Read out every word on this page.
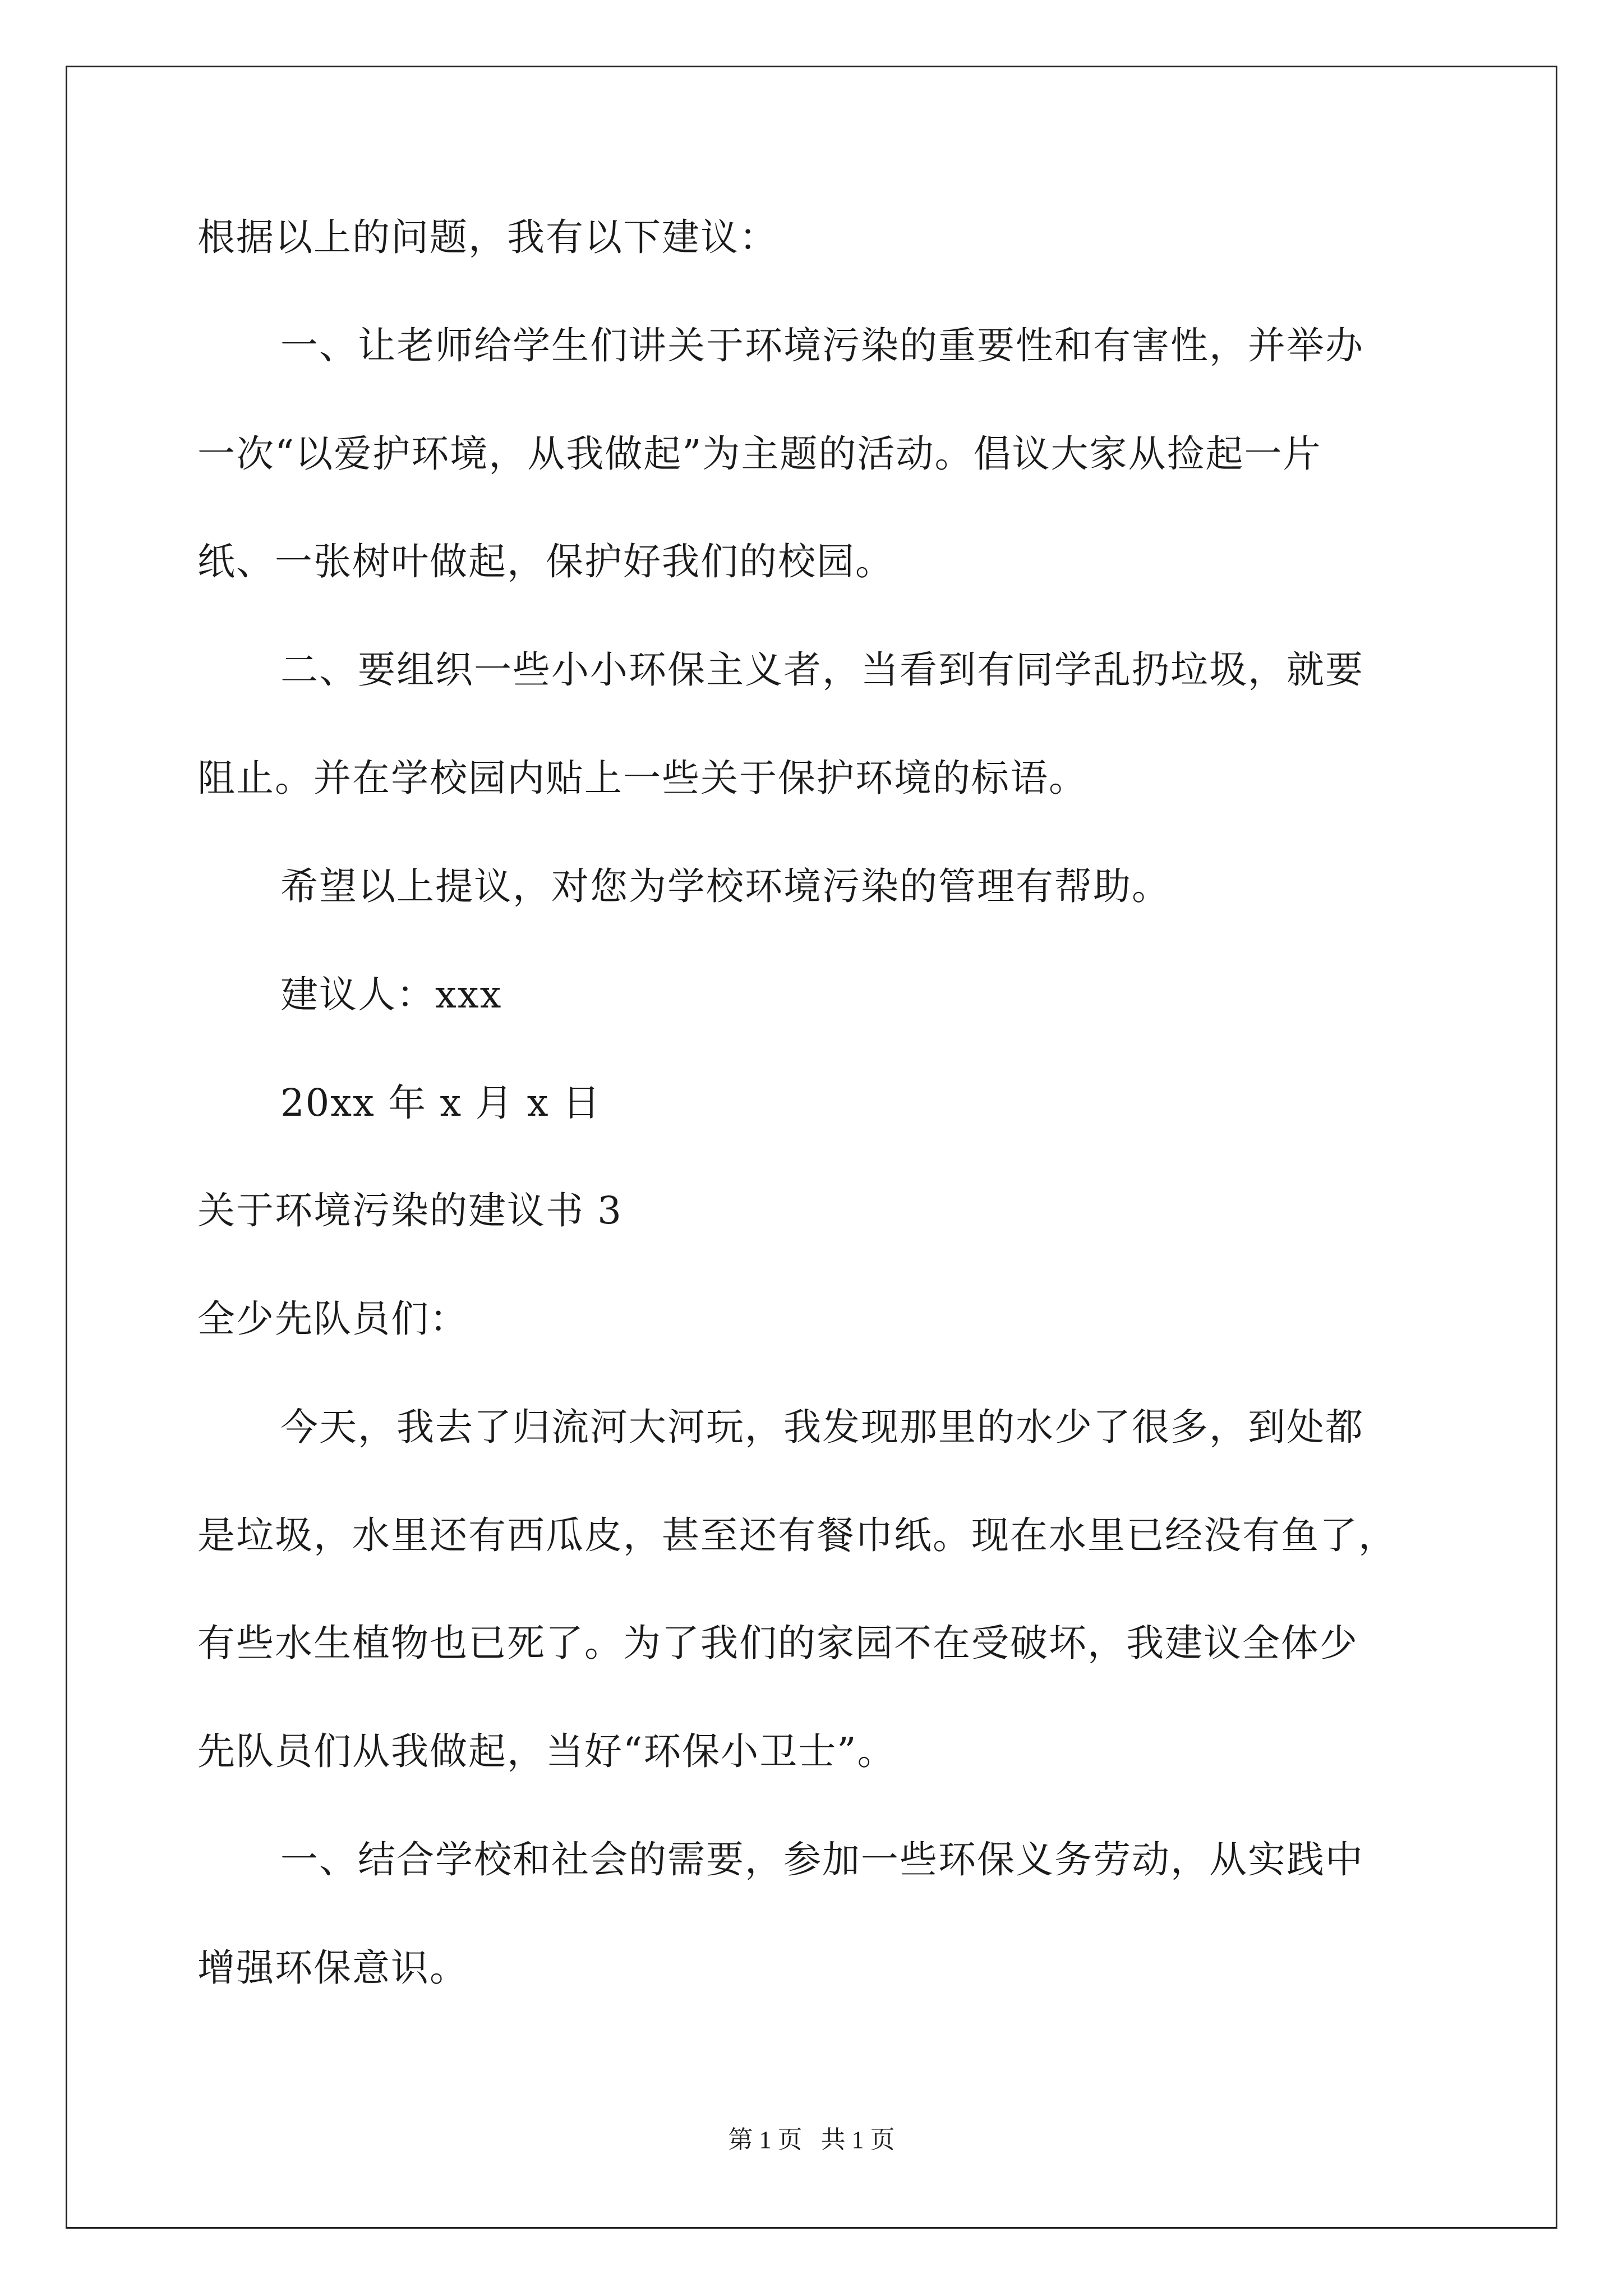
根据以上的问题，我有以下建议：
一、让老师给学生们讲关于环境污染的重要性和有害性，并举办
一次“以爱护环境，从我做起”为主题的活动。倡议大家从捡起一片
纸、一张树叶做起，保护好我们的校园。
二、要组织一些小小环保主义者，当看到有同学乱扔垃圾，就要
阻止。并在学校园内贴上一些关于保护环境的标语。
希望以上提议，对您为学校环境污染的管理有帮助。
建议人：xxx
20xx 年 x 月 x 日
关于环境污染的建议书 3
全少先队员们：
今天，我去了归流河大河玩，我发现那里的水少了很多，到处都
是垃圾，水里还有西瓜皮，甚至还有餐巾纸。现在水里已经没有鱼了，
有些水生植物也已死了。为了我们的家园不在受破坏，我建议全体少
先队员们从我做起，当好“环保小卫士”。
一、结合学校和社会的需要，参加一些环保义务劳动，从实践中
增强环保意识。
第 1 页   共 1 页
